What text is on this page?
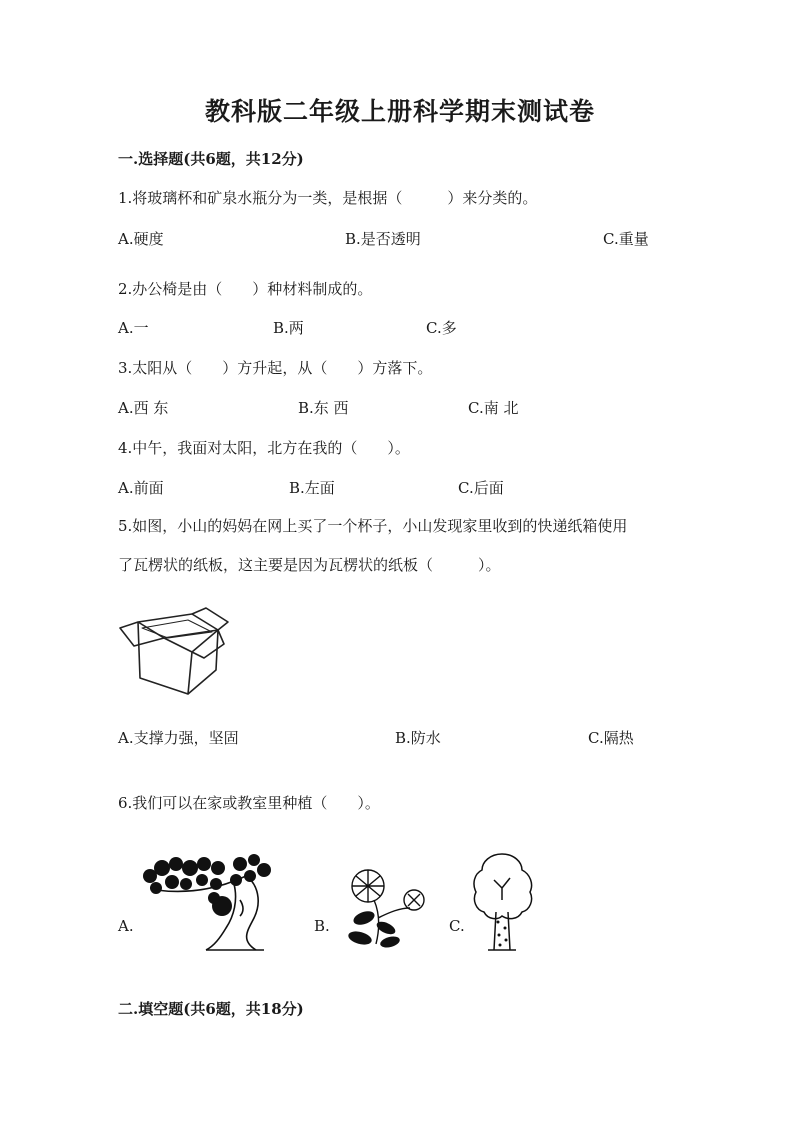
教科版二年级上册科学期末测试卷
一.选择题(共6题，共12分)
1.将玻璃杯和矿泉水瓶分为一类，是根据（　　　）来分类的。
A.硬度	B.是否透明	C.重量
2.办公椅是由（　　）种材料制成的。
A.一	B.两	C.多
3.太阳从（　　）方升起，从（　　）方落下。
A.西 东	B.东 西	C.南 北
4.中午，我面对太阳，北方在我的（　　）。
A.前面	B.左面	C.后面
5.如图，小山的妈妈在网上买了一个杯子，小山发现家里收到的快递纸箱使用
了瓦楞状的纸板，这主要是因为瓦楞状的纸板（　　　）。
A.支撑力强，坚固	B.防水	C.隔热
6.我们可以在家或教室里种植（　　）。
A.	B.	C.
二.填空题(共6题，共18分)
